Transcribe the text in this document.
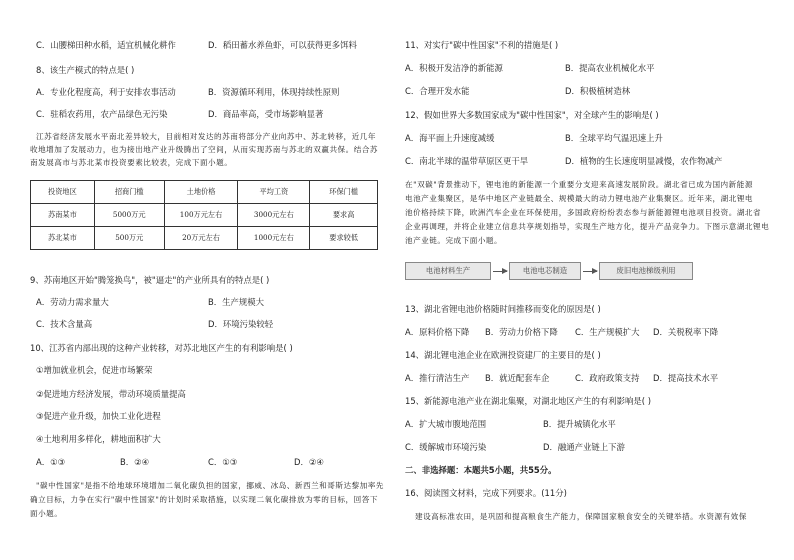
C．山腰梯田种水稻，适宜机械化耕作	D．稻田蓄水养鱼虾，可以获得更多饵料
8、该生产模式的特点是( )
A．专业化程度高，利于安排农事活动	B．资源循环利用，体现持续性原则
C．驻稻农药用，农产品绿色无污染	D．商品率高，受市场影响显著
江苏省经济发展水平南北差异较大，目前相对发达的苏南将部分产业向苏中、苏北转移，近几年
收地增加了发展动力，也为接出地产业升级腾出了空间，从而实现苏南与苏北的双赢共保。结合苏
南发展高市与苏北某市投资要素比较表，完成下面小题。
投资地区	招商门槛	土地价格	平均工资	环保门槛
苏南某市	5000万元	100万元左右	3000元左右	要求高
苏北某市	500万元	20万元左右	1000元左右	要求较低
9、苏南地区开始"腾笼换鸟"，被"逼走"的产业所具有的特点是( )
A．劳动力需求量大	B．生产规模大
C．技术含量高	D．环境污染较轻
10、江苏省内部出现的这种产业转移，对苏北地区产生的有利影响是( )
①增加就业机会，促进市场繁荣
②促进地方经济发展，带动环境质量提高
③促进产业升级，加快工业化进程
④土地利用多样化，耕地面积扩大
A．①③	B．②④	C．①③	D．②④
"碳中性国家"是指不给地球环境增加二氧化碳负担的国家，挪威、冰岛、新西兰和哥斯达黎加率先
确立目标，力争在实行"碳中性国家"的计划时采取措施，以实现二氧化碳排放为零的目标，回答下
面小题。
11、对实行"碳中性国家"不利的措施是( )
A．积极开发洁净的新能源	B．提高农业机械化水平
C．合理开发水能	D．积极植树造林
12、假如世界大多数国家成为"碳中性国家"，对全球产生的影响是( )
A．海平面上升速度减缓	B．全球平均气温迅速上升
C．南北半球的温带草原区更干旱	D．植物的生长速度明显减慢，农作物减产
在"双碳"背景推动下，锂电池的新能源一个重要分支迎来高速发展阶段。湖北省已成为国内新能源
电池产业集聚区，是华中地区产业链最全、规模最大的动力锂电池产业集聚区。近年来，湖北锂电
池价格持续下降，欧洲汽车企业在环保使用，多国政府纷纷表态参与新能源锂电池项目投资。湖北省
企业再调理，并将企业建立信息共享规划指导，实现生产地方化，提升产品竞争力。下图示意湖北锂电
池产业链。完成下面小题。
电池材料生产	电池电芯制造	废旧电池梯级利用
13、湖北省锂电池价格随时间推移而变化的原因是( )
A．原料价格下降 B．劳动力价格下降 C．生产规模扩大 D．关税税率下降
14、湖北锂电池企业在欧洲投资建厂的主要目的是( )
A．推行清洁生产 B．就近配套车企	C．政府政策支持 D．提高技术水平
15、新能源电池产业在湖北集聚，对湖北地区产生的有利影响是( )
A．扩大城市腹地范围	B．提升城镇化水平
C．缓解城市环境污染	D．融通产业链上下游
二、非选择题：本题共5小题，共55分。
16、阅读图文材料，完成下列要求。(11分)
建设高标准农田，是巩固和提高粮食生产能力，保障国家粮食安全的关键举措。水资源有效保
